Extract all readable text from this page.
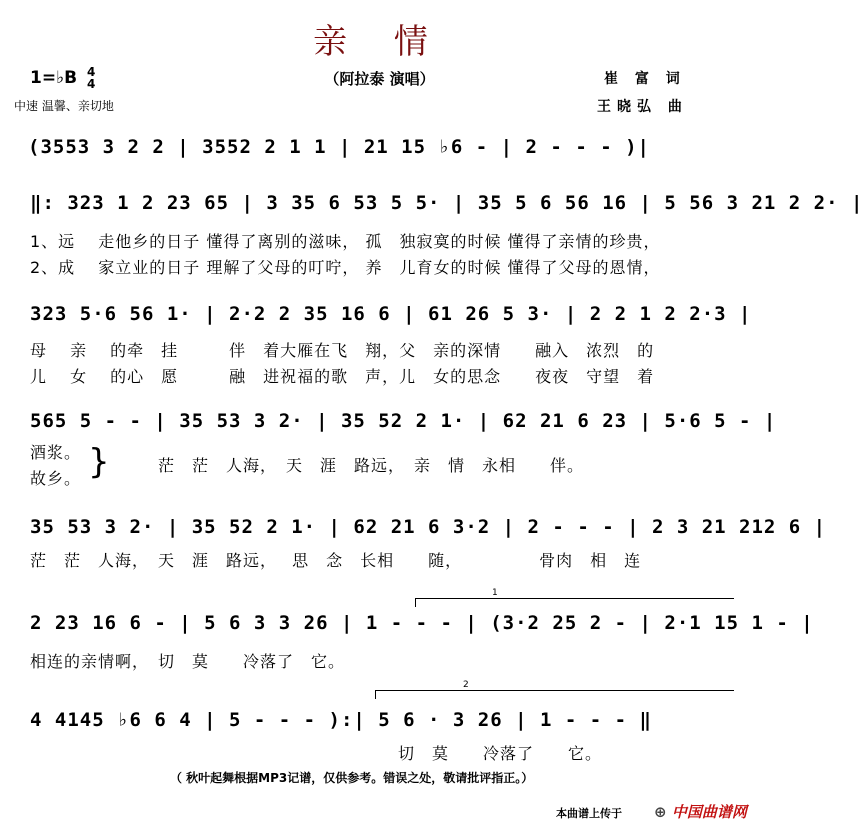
亲 情
（阿拉泰 演唱）
1=♭B 4
4
中速 温馨、亲切地
崔 富 词
王晓弘 曲
(3553 3 2 2 | 3552 2 1 1 | 21 15 ♭6 - | 2 - - - )|
‖: 323 1 2 23 65 | 3 35 6 53 5 5· | 35 5 6 56 16 | 5 56 3 21 2 2· |
1、远　 走他乡的日子 懂得了离别的滋味， 孤　独寂寞的时候 懂得了亲情的珍贵，
2、成　 家立业的日子 理解了父母的叮咛， 养　儿育女的时候 懂得了父母的恩情，
323 5·6 56 1· | 2·2 2 35 16 6 | 61 26 5 3· | 2 2 1 2 2·3 |
母　 亲　 的牵　挂　　　伴　着大雁在飞　翔，父　亲的深情　　融入　浓烈　的
儿　 女　 的心　愿　　　融　进祝福的歌　声，儿　女的思念　　夜夜　守望　着
565 5 - - | 35 53 3 2· | 35 52 2 1· | 62 21 6 23 | 5·6 5 - |
酒浆。
故乡。 }	茫　茫　人海，　天　涯　路远，　亲　情　永相　　伴。
35 53 3 2· | 35 52 2 1· | 62 21 6 3·2 | 2 - - - | 2 3 21 212 6 |
茫　茫　人海，　天　涯　路远，　 思　念　长相　　随，　　　　　骨肉　相　连
1
2 23 16 6 - | 5 6 3 3 26 | 1 - - - | (3·2 25 2 - | 2·1 15 1 - |
相连的亲情啊，　切　莫　　冷落了　它。
2
4 4145 ♭6 6 4 | 5 - - - ):| 5 6 · 3 26 | 1 - - - ‖
切　莫　　冷落了　　它。
（ 秋叶起舞根据MP3记谱，仅供参考。错误之处，敬请批评指正。）
本曲谱上传于 ⊕ 中国曲谱网
